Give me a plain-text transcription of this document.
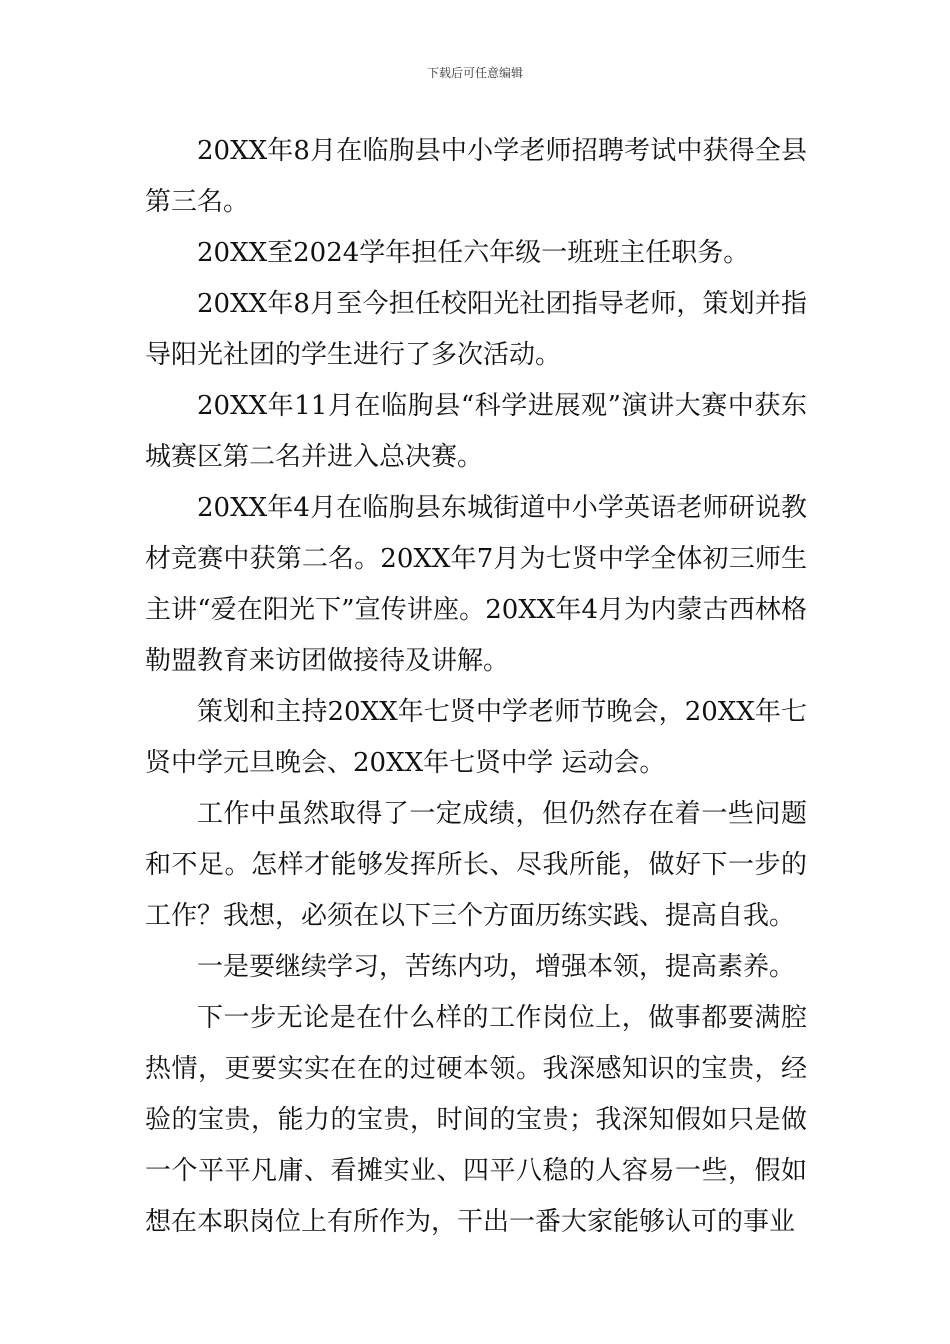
下载后可任意编辑

20XX年8月在临朐县中小学老师招聘考试中获得全县第三名。

20XX至2024学年担任六年级一班班主任职务。

20XX年8月至今担任校阳光社团指导老师，策划并指导阳光社团的学生进行了多次活动。

20XX年11月在临朐县“科学进展观”演讲大赛中获东城赛区第二名并进入总决赛。

20XX年4月在临朐县东城街道中小学英语老师研说教材竞赛中获第二名。20XX年7月为七贤中学全体初三师生主讲“爱在阳光下”宣传讲座。20XX年4月为内蒙古西林格勒盟教育来访团做接待及讲解。

策划和主持20XX年七贤中学老师节晚会，20XX年七贤中学元旦晚会、20XX年七贤中学 运动会。

工作中虽然取得了一定成绩，但仍然存在着一些问题和不足。怎样才能够发挥所长、尽我所能，做好下一步的工作？我想，必须在以下三个方面历练实践、提高自我。

一是要继续学习，苦练内功，增强本领，提高素养。

下一步无论是在什么样的工作岗位上，做事都要满腔热情，更要实实在在的过硬本领。我深感知识的宝贵，经验的宝贵，能力的宝贵，时间的宝贵；我深知假如只是做一个平平凡庸、看摊实业、四平八稳的人容易一些，假如想在本职岗位上有所作为，干出一番大家能够认可的事业
